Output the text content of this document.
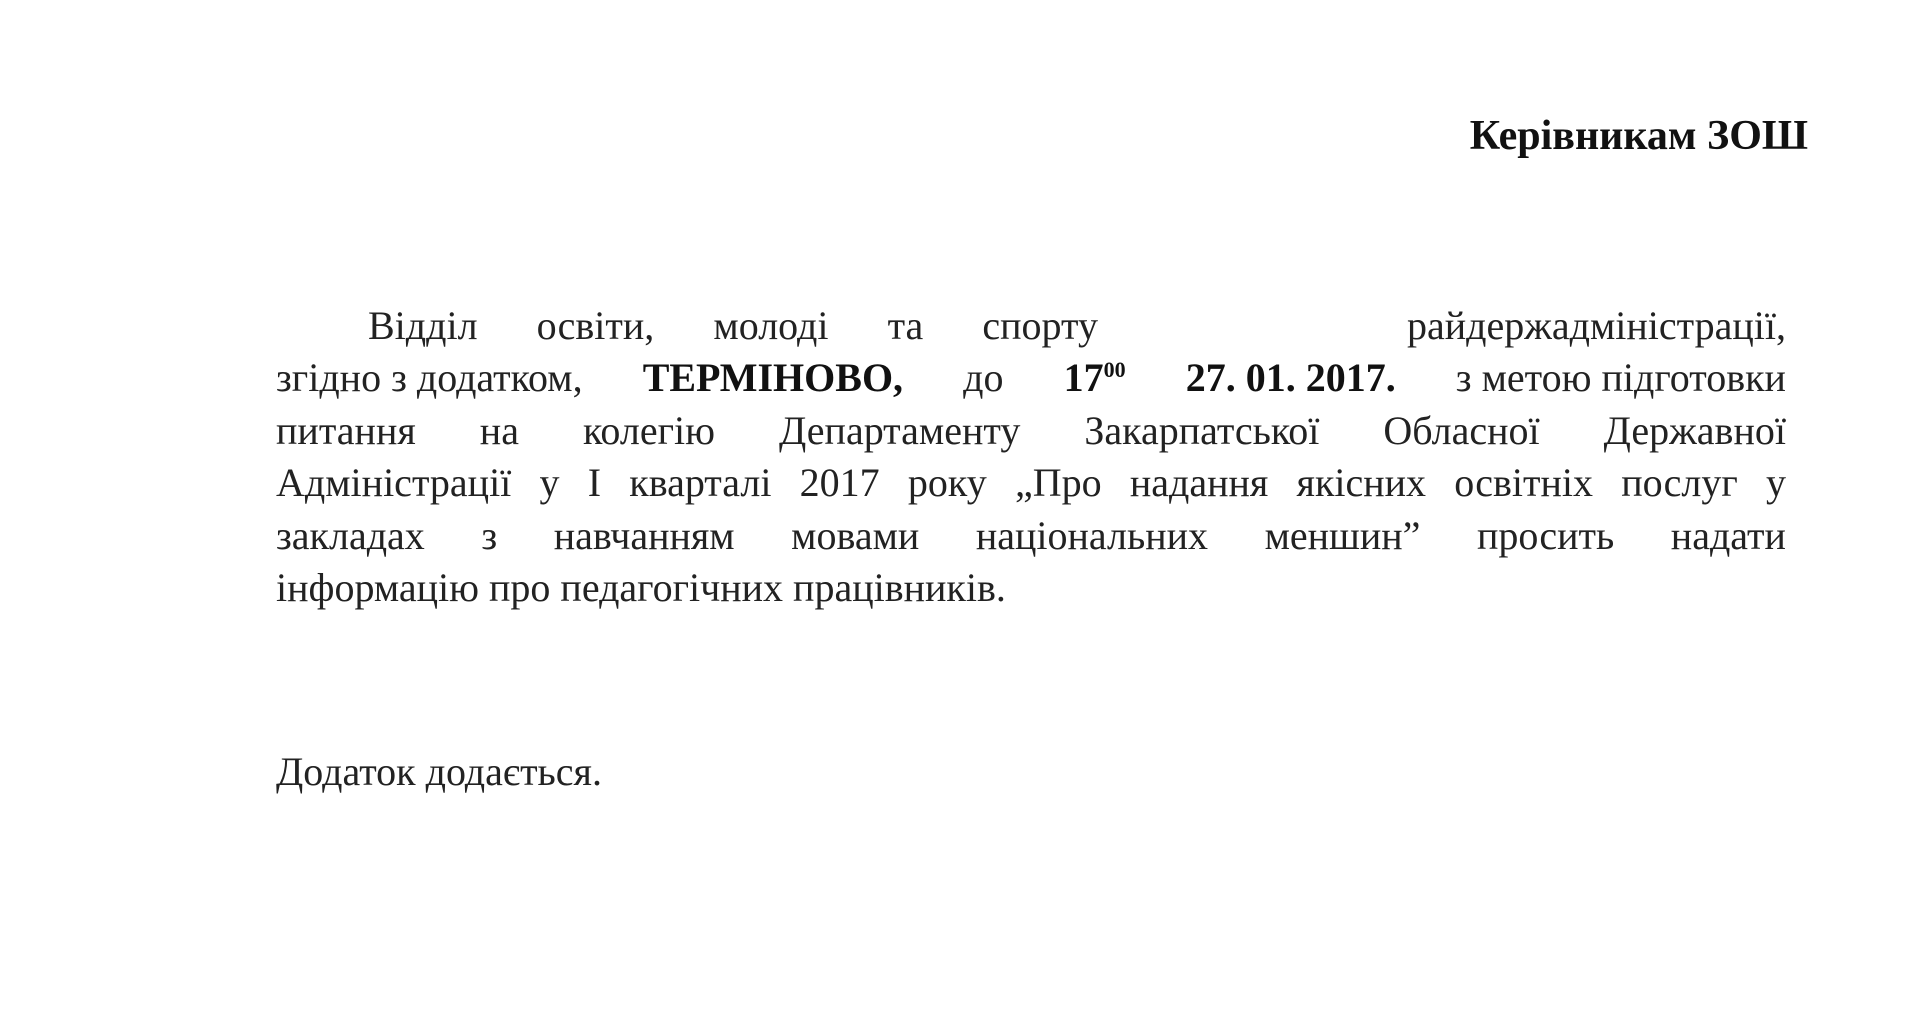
Керівникам ЗОШ
Відділ освіти, молоді та спорту	райдержадміністрації,
згідно з додатком, ТЕРМІНОВО, до $17^{00}$ 27. 01. 2017. з метою підготовки
питання на колегію Департаменту Закарпатської Обласної Державної
Адміністрації у І кварталі 2017 року „Про надання якісних освітніх послуг у
закладах з навчанням мовами національних меншин” просить надати
інформацію про педагогічних працівників.
Додаток додається.
